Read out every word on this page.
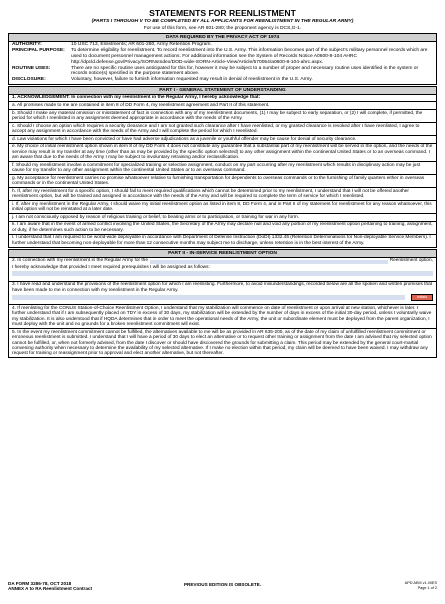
STATEMENTS FOR REENLISTMENT
(PARTS I THROUGH V TO BE COMPLETED BY ALL APPLICANTS FOR REENLISTMENT IN THE REGULAR ARMY)
For use of this form, see AR 601-280; the proponent agency is DCS,G-1.
DATA REQUIRED BY THE PRIVACY ACT OF 1974
AUTHORITY:	10 USC 713, Enlistments; AR 601-280, Army Retention Program.
PRINCIPAL PURPOSE:	To determine eligibility for reenlistment. To record reenlistment into the U.S. Army. This information becomes part of the subject's military personnel records which are used to document personnel management actions. For additional information see the System of Records Notice A0600-8-104 AHRC http://dpcld.defense.gov/Privacy/SORNsIndex/DOD-wide-SORN-Article-View/Article/570054/a0600-8-104-ahrc.aspx.
ROUTINE USES:	There are no specific routine uses anticipated for this for, however it may be subject to a number of proper and necessary routine uses identified in the system or records notice(s) specified in the purpose statement above.
DISCLOSURE:	Voluntary, however, failure to furnish information requested may result in denial of reenlistment in the U.S. Army.
PART I - GENERAL STATEMENT OF UNDERSTANDING
1. ACKNOWLEDGEMENT: In connection with my reenlistment in the Regular Army, I hereby acknowledge that:
a. All promises made to me are contained in item 8 of DD Form 4, my reenlistment agreement and Part II of this statement.
b. Should I make any material omission or misstatement of fact in connection with any of my reenlistment documents, (1) I may be subject to early separation, or (2) I will complete, if permitted, the period for which I reenlisted in any assignment deemed appropriate in accordance with the needs of the Army.
c. Should I choose an option which requires a security clearance and I am not granted such clearance after I have reenlisted, or my granted clearance is revoked after I have reenlisted, I agree to accept any assignment in accordance with the needs of the Army and I will complete the period for which I reenlisted.
d. Law violations for which I have been convicted or have had adverse adjudications as a juvenile or youthful offender may be cause for denial of security clearance.
e. My choice of initial reenlistment option shown in item 8 of my DD Form 4 does not constitute any guarantee that a substantial part of my reenlistment will be served in the option, and the needs of the service may result in my transfer at any time (other than as may be provided by the specific option selected) to any other assignment within the continental United States or to an overseas command. I am aware that due to the needs of the Army I may be subject to involuntary retraining and/or reclassification.
f. Should my reenlistment involve a commitment for specialized training or selective assignment, conduct on my part occurring after my reenlistment which results in disciplinary action may be just cause for my transfer to any other assignment within the continental United States or to an overseas command.
g. My acceptance for reenlistment carries no promise whatsoever relative to furnishing transportation for dependents to overseas commands or to the furnishing of family quarters either in overseas commands or in the continental United States.
h. If, after my reenlistment for a specific option, I should fail to meet required qualifications which cannot be determined prior to my reenlistment, I understand that I will not be offered another reenlistment option, but will be trained and assigned in accordance with the needs of the Army and will be required to complete the term of service for which I reenlisted.
i. If, after my reenlistment in the Regular Army, I should waive my initial reenlistment option as listed in item 8, DD Form 4, and in Part II of my statement for reenlistment for any reason whatsoever, this initial option will not be reinstated at a later date.
j. I am not consciously opposed by reason of religious training or belief, to bearing arms or to participation, or training for war in any form.
k. I am aware that in the event of armed conflict involving the United States, the Secretary of the Army may declare null and void any portion of my reenlistment option pertaining to training, assignment, or duty, if he determines such action to be necessary.
l. I understand that I am required to be world-wide deployable in accordance with Department of Defense Instruction (DoDI) 1332.45 (Retention Determinations for Non-deployable Service Members). I further understand that becoming non-deployable for more than 12 consecutive months may subject me to discharge, unless retention is in the best interest of the Army.
PART II - IN-SERVICE REENLISTMENT OPTION
2. In connection with my reenlistment in the Regular Army for the	Reenlistment option,
I hereby acknowledge that provided I meet required prerequisites I will be assigned as follows:
3. I have read and understand the provisions of the reenlistment option for which I am reenlisting. Furthermore, to avoid misunderstandings, recorded below are all the spoken and written promises that have been made to me in connection with my reenlistment in the Regular Army.
Initials
4. If reenlisting for the CONUS Station-of-Choice Reenlistment Option, I understand that my stabilization will commence on date of reenlistment or upon arrival at new station, whichever is later. I further understand that if I am subsequently placed on TDY in excess of 30 days, my stabilization will be extended by the number of days in excess of the initial 30-day period, unless I voluntarily waive my stabilization. It is also understood that if HQDA determines that in order to meet the operational needs of the Army, the unit or subordinate element must be deployed from the parent organization, I must deploy with the unit and no grounds for a broken reenlistment commitment will exist.
5. In the event my reenlistment commitment cannot be fulfilled, the alternatives available to me will be as provided in AR 635-200, as of the date of my claim of unfulfilled reenlistment commitment or erroneous reenlistment is submitted. I understand that I will have a period of 30 days to elect an alternative or to request other training or assignment from the date I am advised that my selected option cannot be fulfilled, or, when not formerly advised, from the date I discover or should have discovered the grounds for submitting a claim. This period may be extended by the general court-martial convening authority when necessary to determine the availability of my selected alternative. If I make no election within that period, my claim will be deemed to have been waived. I may withdraw any request for training or reassignment prior to approval and elect another alternative, but not thereafter.
DA FORM 3286-78, OCT 2018
ANNEX A to RA Reenlistment Contract
PREVIOUS EDITION IS OBSOLETE.	APD AEM v1.00ES
Page 1 of 2
